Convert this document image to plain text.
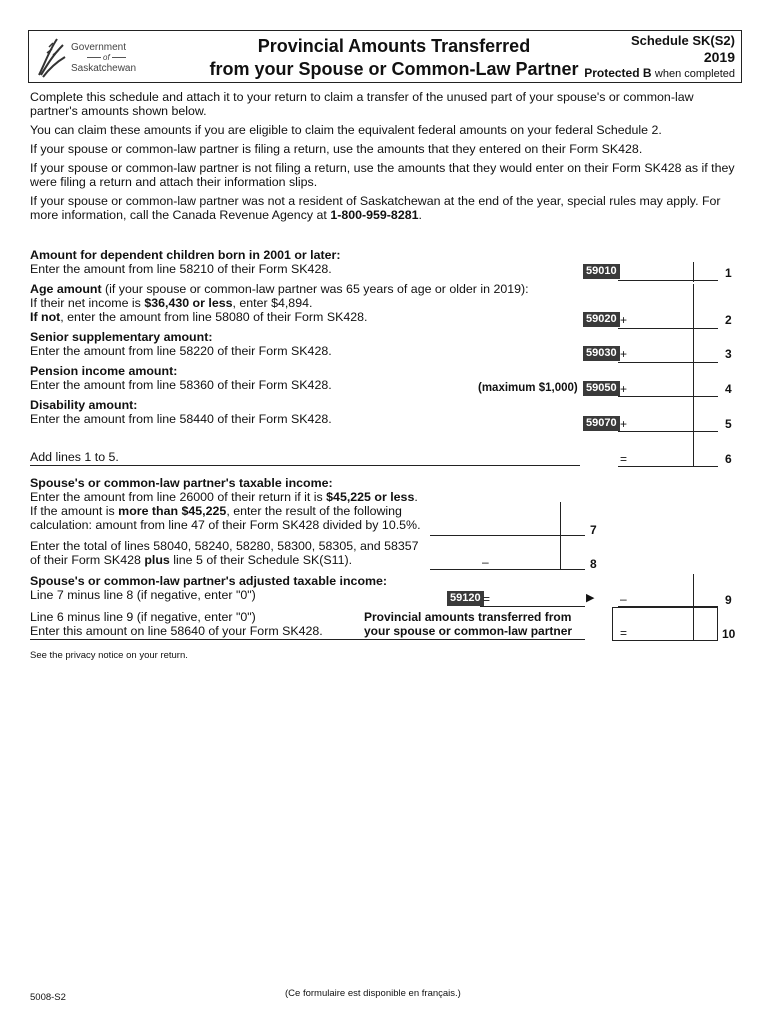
Government
of
Saskatchewan
Provincial Amounts Transferred
from your Spouse or Common-Law Partner
Schedule SK(S2)
2019
Protected B when completed

Complete this schedule and attach it to your return to claim a transfer of the unused part of your spouse's or common-law partner's amounts shown below.

You can claim these amounts if you are eligible to claim the equivalent federal amounts on your federal Schedule 2.

If your spouse or common-law partner is filing a return, use the amounts that they entered on their Form SK428.

If your spouse or common-law partner is not filing a return, use the amounts that they would enter on their Form SK428 as if they were filing a return and attach their information slips.

If your spouse or common-law partner was not a resident of Saskatchewan at the end of the year, special rules may apply. For more information, call the Canada Revenue Agency at 1-800-959-8281.

Amount for dependent children born in 2001 or later:
Enter the amount from line 58210 of their Form SK428.	59010	1
Age amount (if your spouse or common-law partner was 65 years of age or older in 2019):
If their net income is $36,430 or less, enter $4,894.
If not, enter the amount from line 58080 of their Form SK428.	59020 +	2
Senior supplementary amount:
Enter the amount from line 58220 of their Form SK428.	59030 +	3
Pension income amount:
Enter the amount from line 58360 of their Form SK428.	(maximum $1,000) 59050 +	4
Disability amount:
Enter the amount from line 58440 of their Form SK428.	59070 +	5
Add lines 1 to 5.	=	6
Spouse's or common-law partner's taxable income:
Enter the amount from line 26000 of their return if it is $45,225 or less.
If the amount is more than $45,225, enter the result of the following
calculation: amount from line 47 of their Form SK428 divided by 10.5%.	7
Enter the total of lines 58040, 58240, 58280, 58300, 58305, and 58357
of their Form SK428 plus line 5 of their Schedule SK(S11).	–	8
Spouse's or common-law partner's adjusted taxable income:
Line 7 minus line 8 (if negative, enter "0")	59120 =	▶ –	9
Line 6 minus line 9 (if negative, enter "0")
Enter this amount on line 58640 of your Form SK428.
Provincial amounts transferred from
your spouse or common-law partner	=	10
See the privacy notice on your return.
5008-S2	(Ce formulaire est disponible en français.)
